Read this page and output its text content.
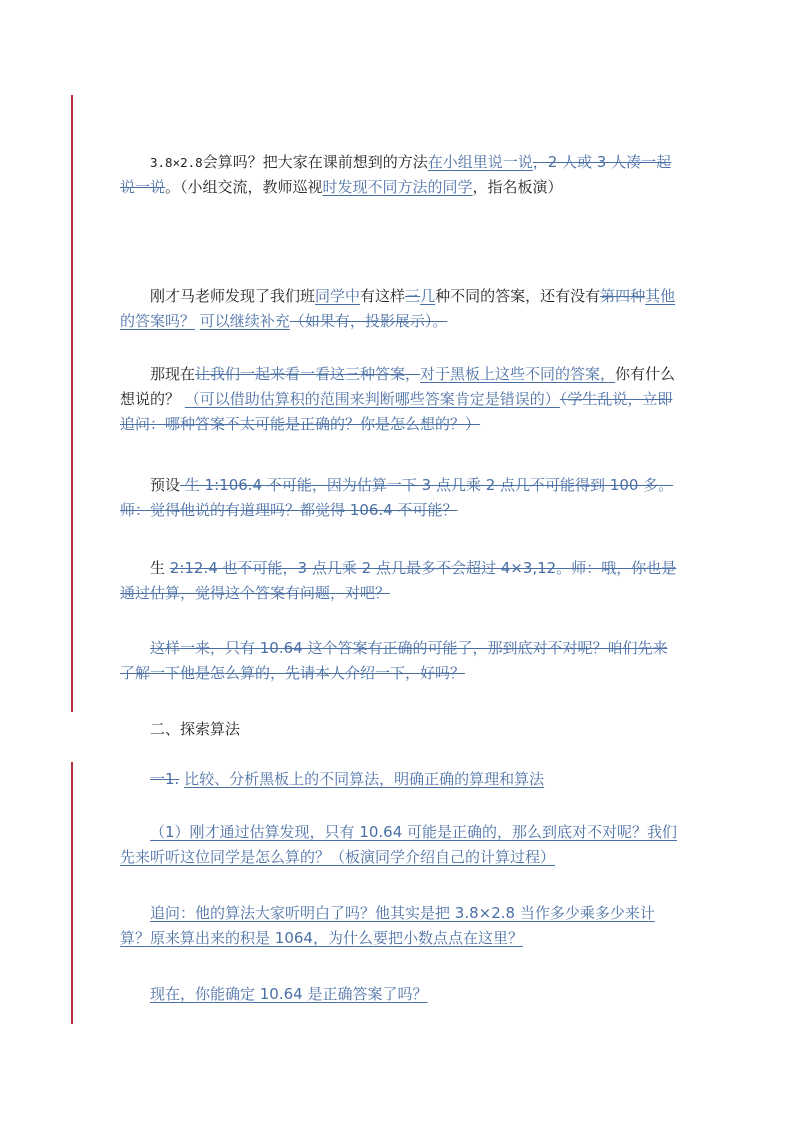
3.8×2.8会算吗？把大家在课前想到的方法在小组里说一说，2 人或 3 人凑一起说一说。（小组交流，教师巡视时发现不同方法的同学，指名板演）
刚才马老师发现了我们班同学中有这样三几种不同的答案，还有没有第四种其他的答案吗？ 可以继续补充（如果有，投影展示）。
那现在让我们一起来看一看这三种答案，对于黑板上这些不同的答案，你有什么想说的？ （可以借助估算积的范围来判断哪些答案肯定是错误的）（学生乱说，立即追问：哪种答案不太可能是正确的？你是怎么想的？）
预设 生 1:106.4 不可能，因为估算一下 3 点几乘 2 点几不可能得到 100 多。师：觉得他说的有道理吗？都觉得 106.4 不可能？
生 2:12.4 也不可能，3 点几乘 2 点几最多不会超过 4×3,12。师：哦，你也是通过估算，觉得这个答案有问题，对吧？
这样一来，只有 10.64 这个答案有正确的可能了，那到底对不对呢？咱们先来了解一下他是怎么算的，先请本人介绍一下，好吗？
二、探索算法
一1. 比较、分析黑板上的不同算法，明确正确的算理和算法
（1）刚才通过估算发现，只有 10.64 可能是正确的，那么到底对不对呢？我们先来听听这位同学是怎么算的？（板演同学介绍自己的计算过程）
追问：他的算法大家听明白了吗？他其实是把 3.8×2.8 当作多少乘多少来计算？原来算出来的积是 1064，为什么要把小数点点在这里？
现在，你能确定 10.64 是正确答案了吗？
